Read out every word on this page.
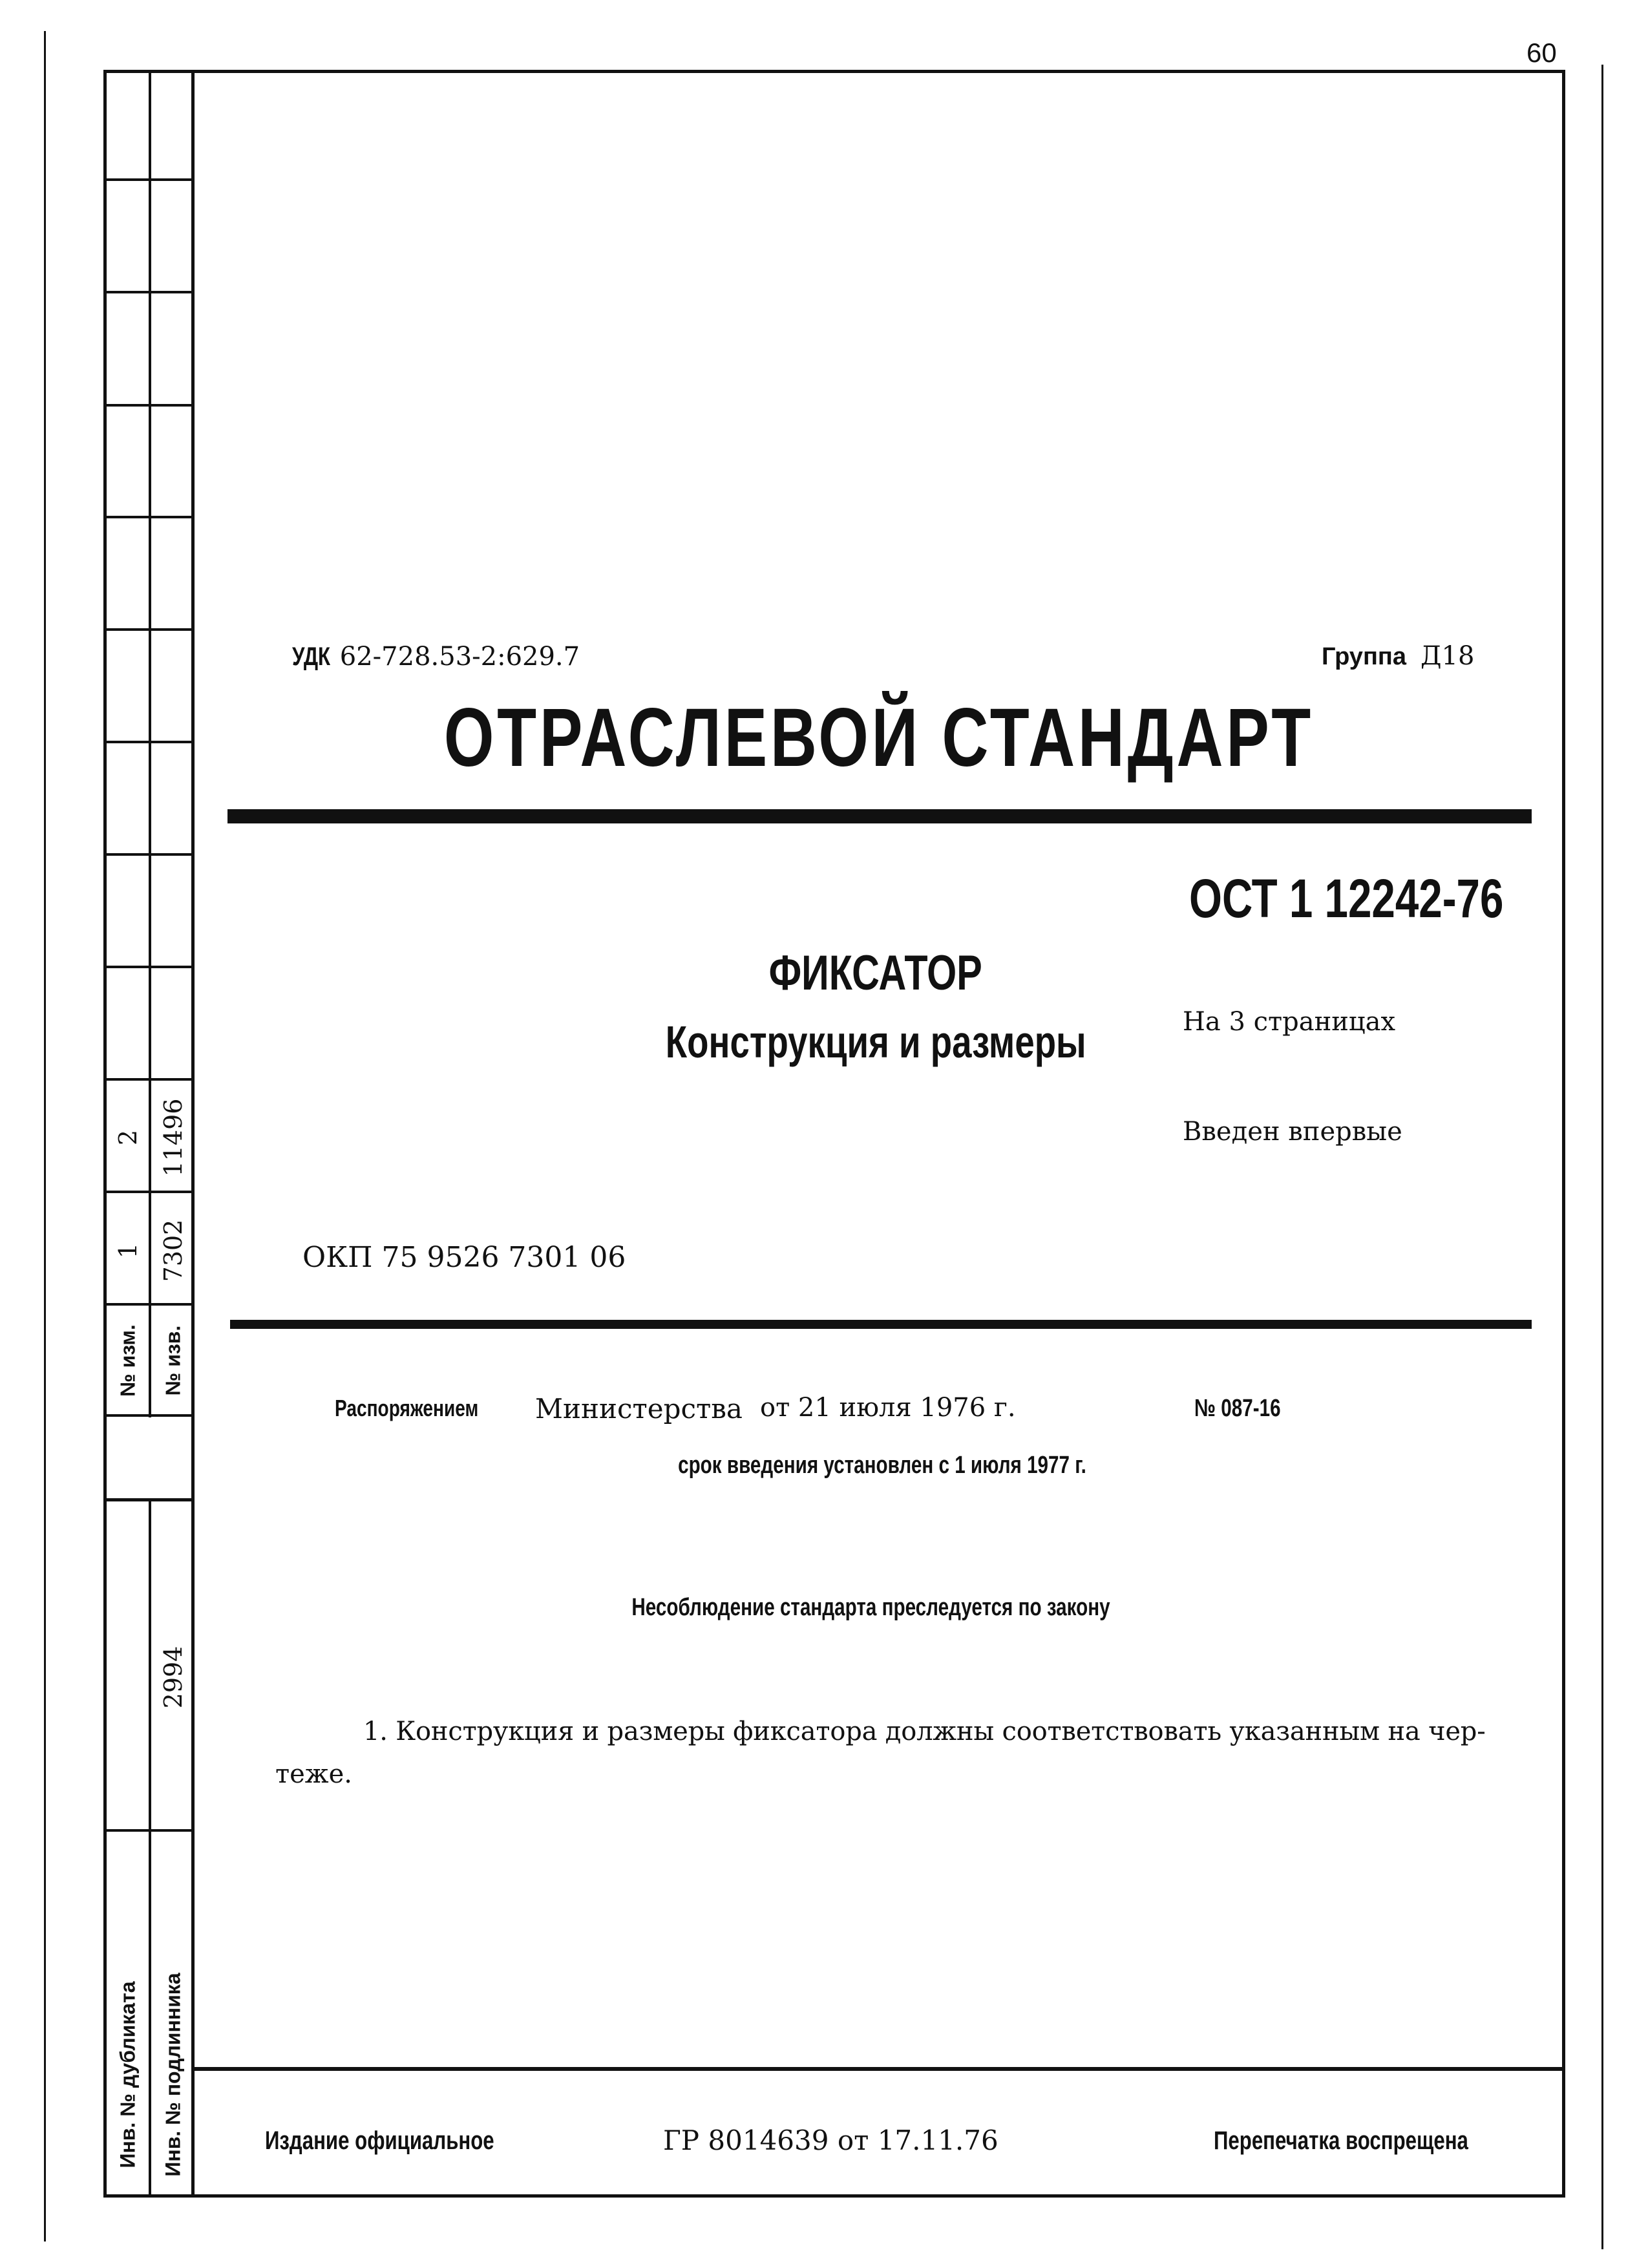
60
2 11496
1 7302
№ изм. № изв.
2994
Инв. № дубликата Инв. № подлинника
УДК 62-728.53-2:629.7	Группа Д18
ОТРАСЛЕВОЙ СТАНДАРТ
ОСТ 1 12242-76
ФИКСАТОР
Конструкция и размеры	На 3 страницах
Введен впервые
ОКП 75 9526 7301 06
Распоряжением	Министерства от 21 июля 1976 г.	№ 087-16
срок введения установлен с 1 июля 1977 г.
Несоблюдение стандарта преследуется по закону
1. Конструкция и размеры фиксатора должны соответствовать указанным на чер-
теже.
Издание официальное	ГР 8014639 от 17.11.76	Перепечатка воспрещена
